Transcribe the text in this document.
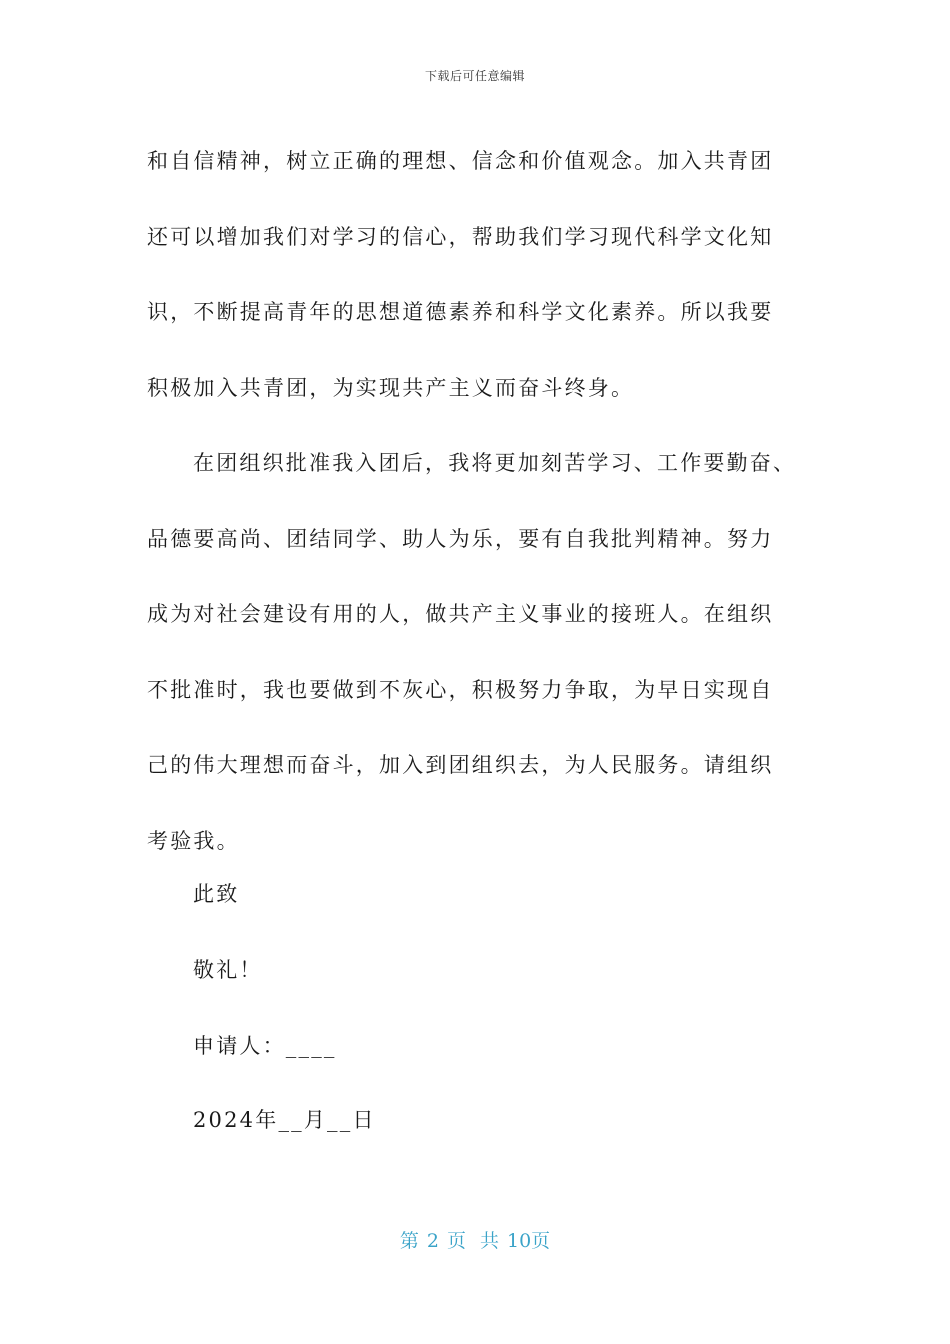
下载后可任意编辑
和自信精神，树立正确的理想、信念和价值观念。加入共青团
还可以增加我们对学习的信心，帮助我们学习现代科学文化知
识，不断提高青年的思想道德素养和科学文化素养。所以我要
积极加入共青团，为实现共产主义而奋斗终身。
在团组织批准我入团后，我将更加刻苦学习、工作要勤奋、
品德要高尚、团结同学、助人为乐，要有自我批判精神。努力
成为对社会建设有用的人，做共产主义事业的接班人。在组织
不批准时，我也要做到不灰心，积极努力争取，为早日实现自
己的伟大理想而奋斗，加入到团组织去，为人民服务。请组织
考验我。
此致
敬礼！
申请人：____
2024年__月__日
第 2 页 共 10页
